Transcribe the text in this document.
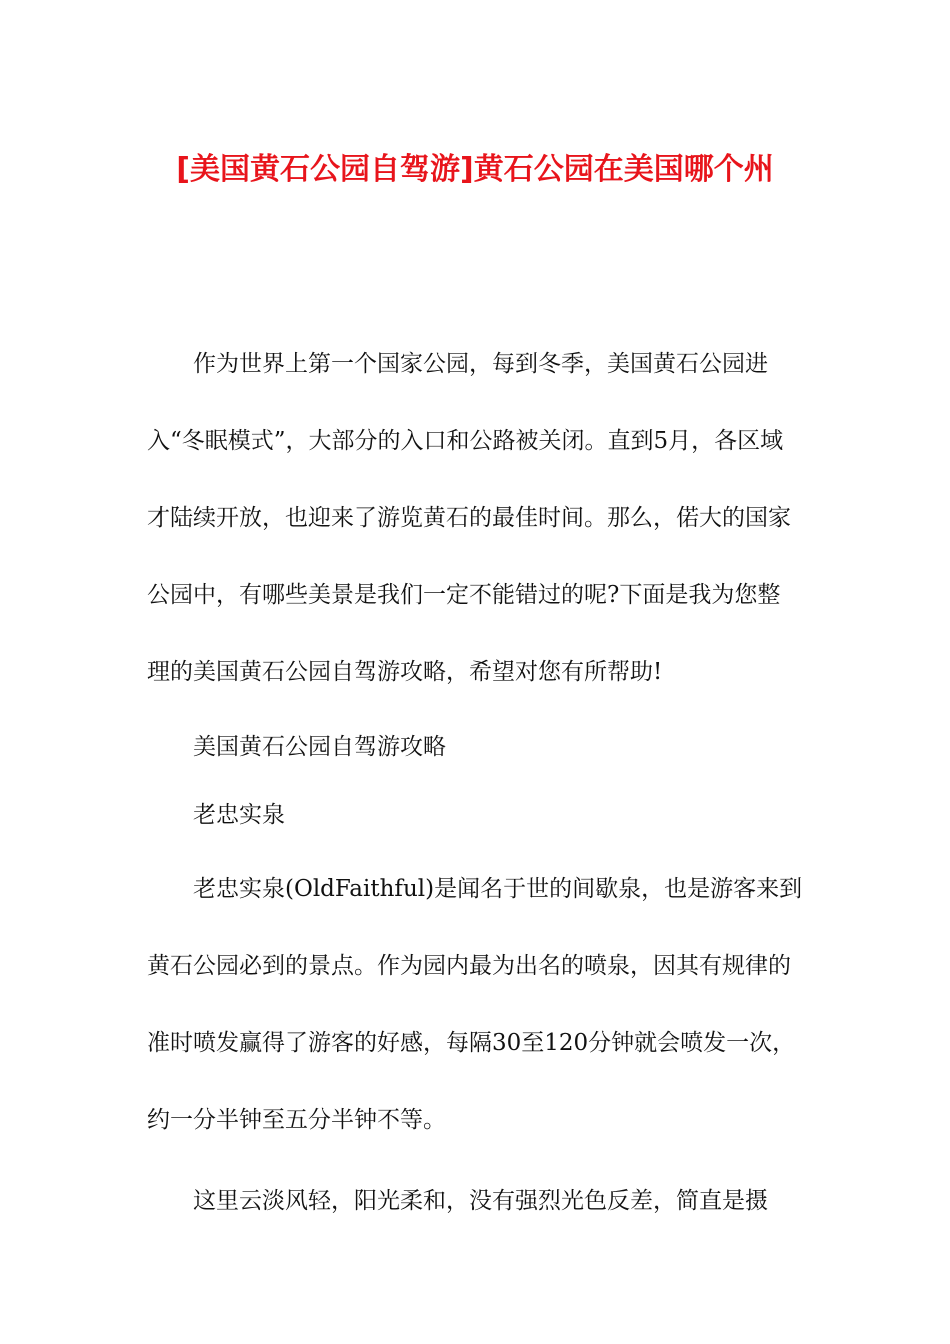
[美国黄石公园自驾游]黄石公园在美国哪个州

作为世界上第一个国家公园，每到冬季，美国黄石公园进入“冬眠模式”，大部分的入口和公路被关闭。直到5月，各区域才陆续开放，也迎来了游览黄石的最佳时间。那么，偌大的国家公园中，有哪些美景是我们一定不能错过的呢?下面是我为您整理的美国黄石公园自驾游攻略，希望对您有所帮助!

美国黄石公园自驾游攻略

老忠实泉

老忠实泉(OldFaithful)是闻名于世的间歇泉，也是游客来到黄石公园必到的景点。作为园内最为出名的喷泉，因其有规律的准时喷发赢得了游客的好感，每隔30至120分钟就会喷发一次，约一分半钟至五分半钟不等。

这里云淡风轻，阳光柔和，没有强烈光色反差，简直是摄
